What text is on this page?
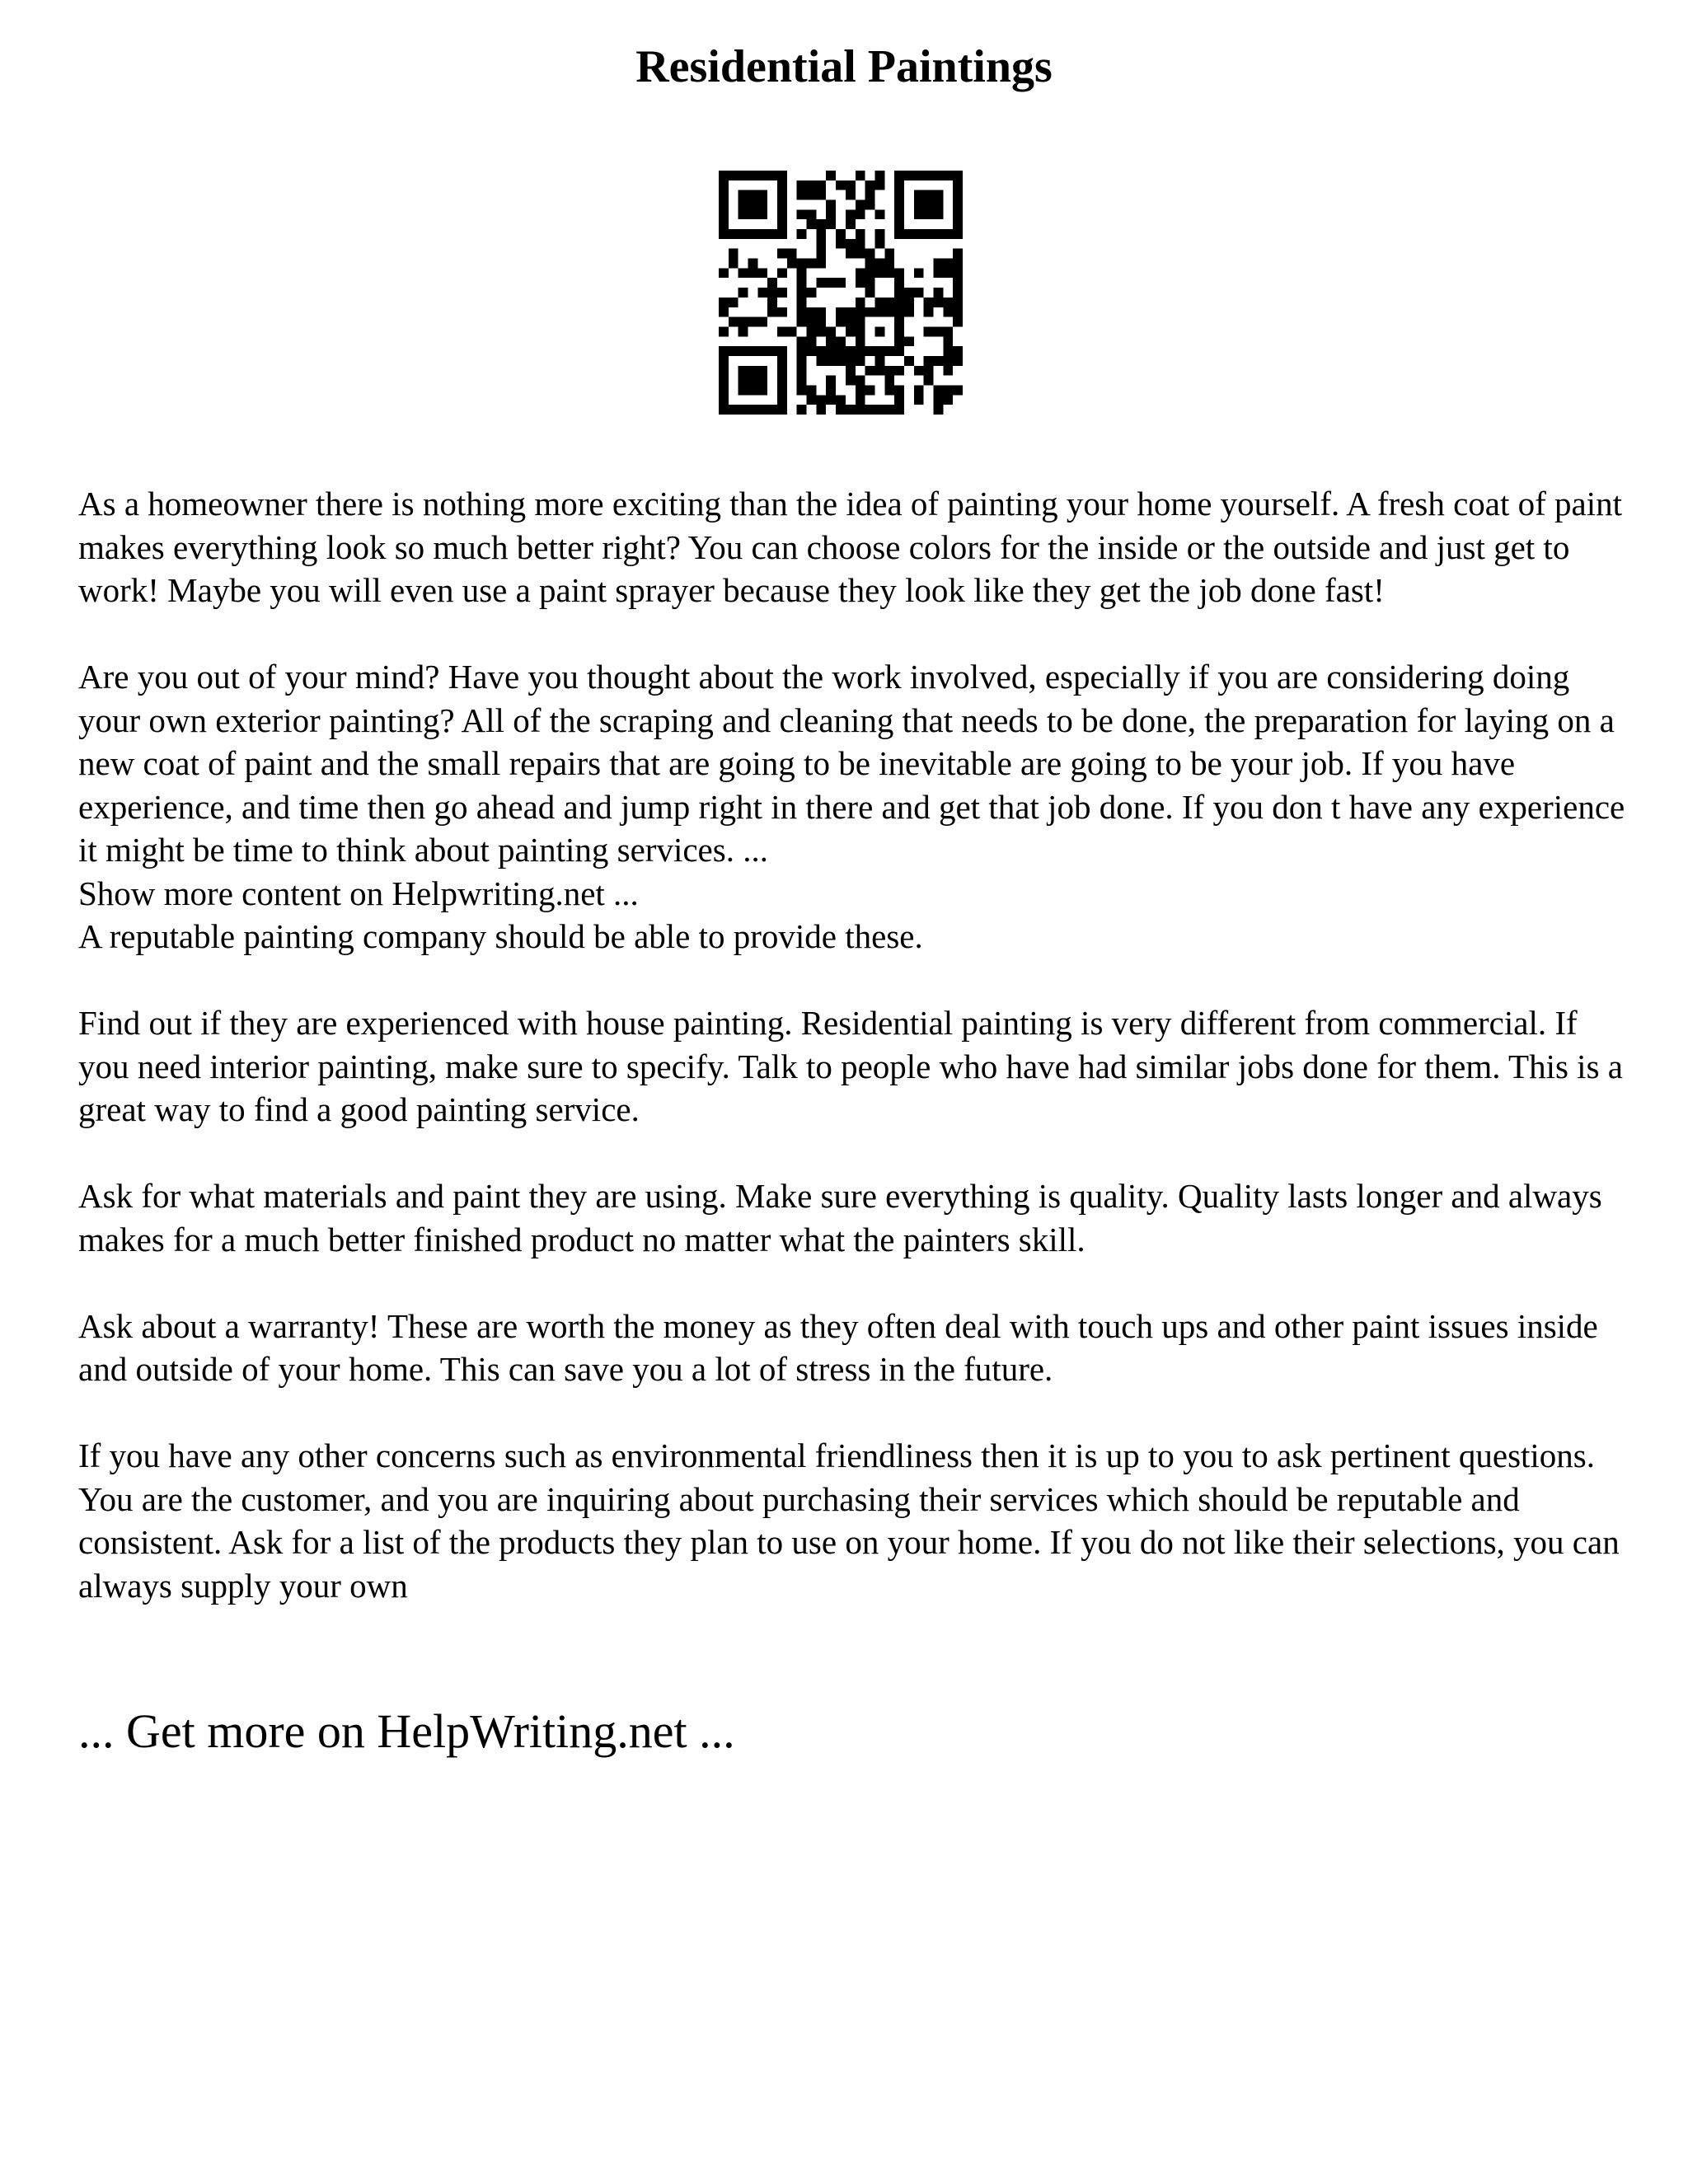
Residential Paintings

As a homeowner there is nothing more exciting than the idea of painting your home yourself. A fresh coat of paint makes everything look so much better right? You can choose colors for the inside or the outside and just get to work! Maybe you will even use a paint sprayer because they look like they get the job done fast!

Are you out of your mind? Have you thought about the work involved, especially if you are considering doing your own exterior painting? All of the scraping and cleaning that needs to be done, the preparation for laying on a new coat of paint and the small repairs that are going to be inevitable are going to be your job. If you have experience, and time then go ahead and jump right in there and get that job done. If you don t have any experience it might be time to think about painting services. ...

Show more content on Helpwriting.net ...

A reputable painting company should be able to provide these.

Find out if they are experienced with house painting. Residential painting is very different from commercial. If you need interior painting, make sure to specify. Talk to people who have had similar jobs done for them. This is a great way to find a good painting service.

Ask for what materials and paint they are using. Make sure everything is quality. Quality lasts longer and always makes for a much better finished product no matter what the painters skill.

Ask about a warranty! These are worth the money as they often deal with touch ups and other paint issues inside and outside of your home. This can save you a lot of stress in the future.

If you have any other concerns such as environmental friendliness then it is up to you to ask pertinent questions. You are the customer, and you are inquiring about purchasing their services which should be reputable and consistent. Ask for a list of the products they plan to use on your home. If you do not like their selections, you can always supply your own

... Get more on HelpWriting.net ...
